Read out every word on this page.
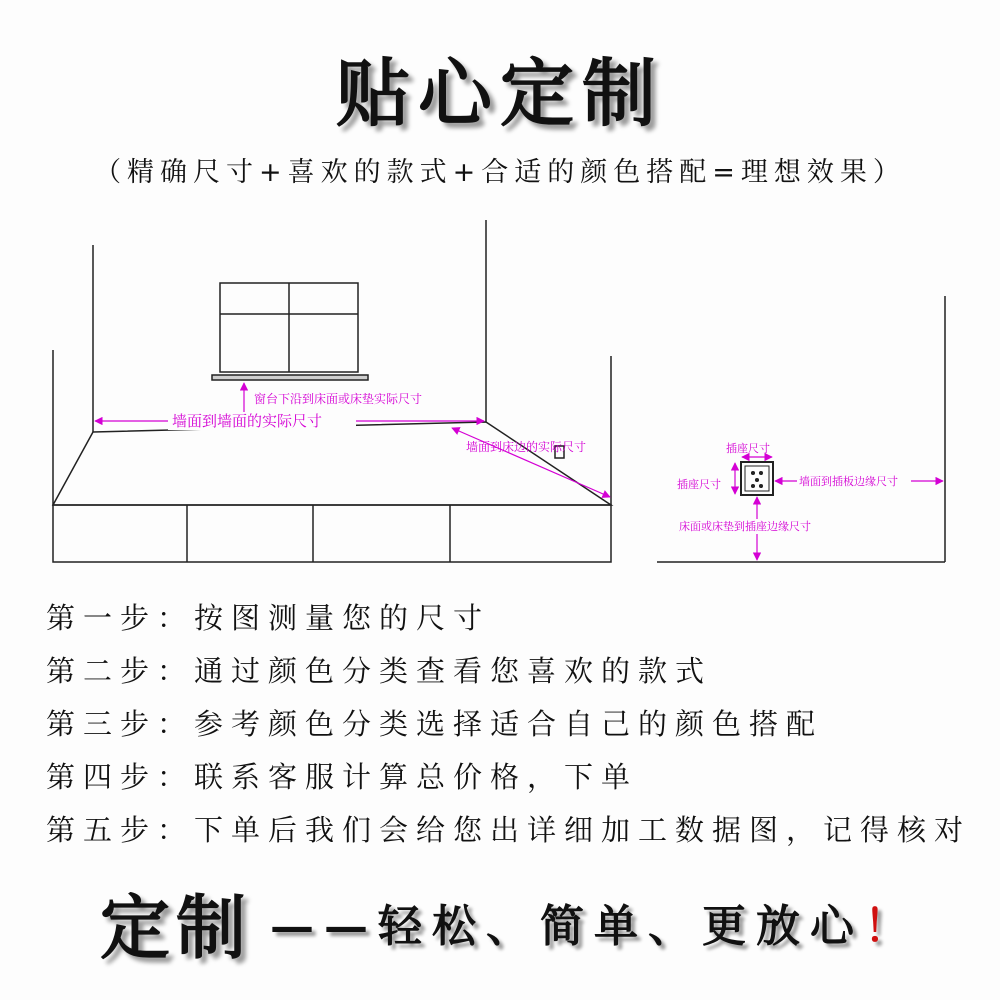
贴心定制
（精确尺寸+喜欢的款式+合适的颜色搭配=理想效果）
窗台下沿到床面或床垫实际尺寸
墙面到墙面的实际尺寸
墙面到床边的实际尺寸	插座尺寸
插座尺寸	墙面到插板边缘尺寸
床面或床垫到插座边缘尺寸
第一步： 按图测量您的尺寸
第二步： 通过颜色分类查看您喜欢的款式
第三步： 参考颜色分类选择适合自己的颜色搭配
第四步： 联系客服计算总价格，下单
第五步： 下单后我们会给您出详细加工数据图，记得核对
定制 ——轻松、简单、更放心！
